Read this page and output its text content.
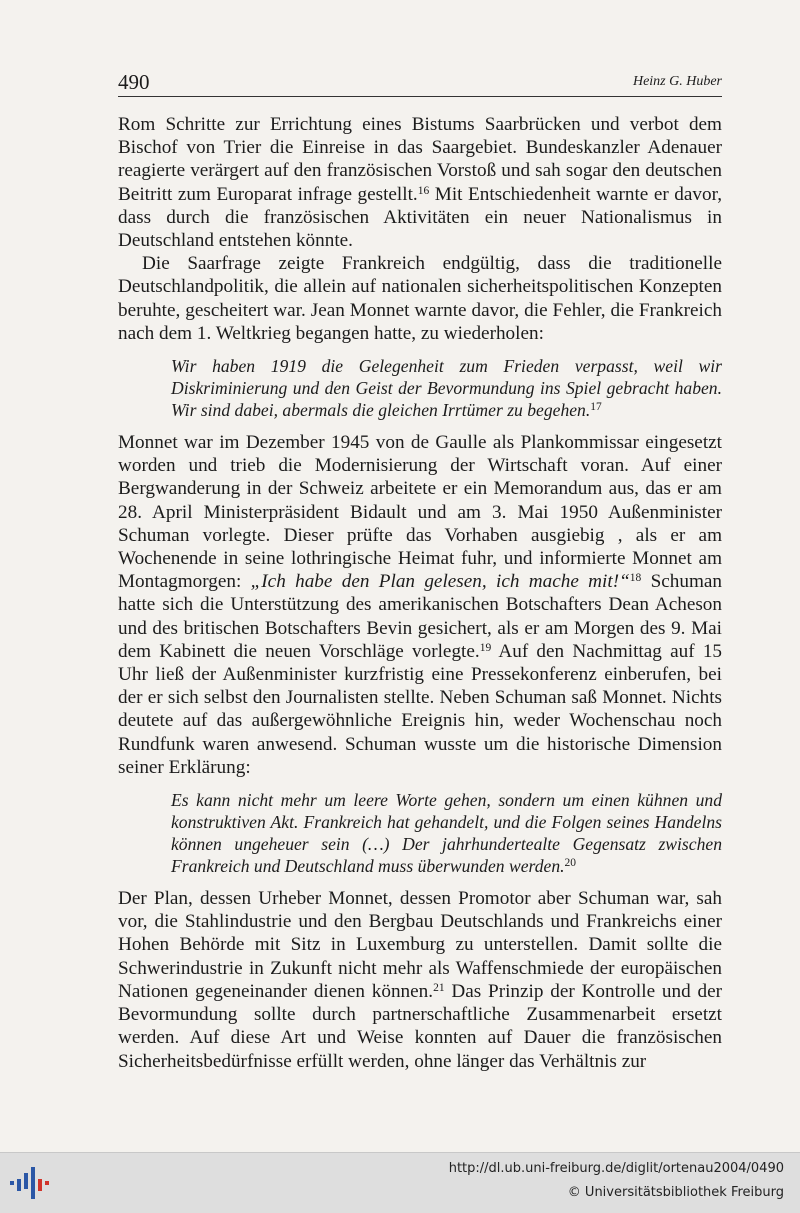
490	Heinz G. Huber

Rom Schritte zur Errichtung eines Bistums Saarbrücken und verbot dem Bischof von Trier die Einreise in das Saargebiet. Bundeskanzler Adenauer reagierte verärgert auf den französischen Vorstoß und sah sogar den deutschen Beitritt zum Europarat infrage gestellt.$^{16}$ Mit Entschiedenheit warnte er davor, dass durch die französischen Aktivitäten ein neuer Nationalismus in Deutschland entstehen könnte.

Die Saarfrage zeigte Frankreich endgültig, dass die traditionelle Deutschlandpolitik, die allein auf nationalen sicherheitspolitischen Konzepten beruhte, gescheitert war. Jean Monnet warnte davor, die Fehler, die Frankreich nach dem 1. Weltkrieg begangen hatte, zu wiederholen:

Wir haben 1919 die Gelegenheit zum Frieden verpasst, weil wir Diskriminierung und den Geist der Bevormundung ins Spiel gebracht haben. Wir sind dabei, abermals die gleichen Irrtümer zu begehen.$^{17}$

Monnet war im Dezember 1945 von de Gaulle als Plankommissar eingesetzt worden und trieb die Modernisierung der Wirtschaft voran. Auf einer Bergwanderung in der Schweiz arbeitete er ein Memorandum aus, das er am 28. April Ministerpräsident Bidault und am 3. Mai 1950 Außenminister Schuman vorlegte. Dieser prüfte das Vorhaben ausgiebig , als er am Wochenende in seine lothringische Heimat fuhr, und informierte Monnet am Montagmorgen: „Ich habe den Plan gelesen, ich mache mit!“$^{18}$ Schuman hatte sich die Unterstützung des amerikanischen Botschafters Dean Acheson und des britischen Botschafters Bevin gesichert, als er am Morgen des 9. Mai dem Kabinett die neuen Vorschläge vorlegte.$^{19}$ Auf den Nachmittag auf 15 Uhr ließ der Außenminister kurzfristig eine Pressekonferenz einberufen, bei der er sich selbst den Journalisten stellte. Neben Schuman saß Monnet. Nichts deutete auf das außergewöhnliche Ereignis hin, weder Wochenschau noch Rundfunk waren anwesend. Schuman wusste um die historische Dimension seiner Erklärung:

Es kann nicht mehr um leere Worte gehen, sondern um einen kühnen und konstruktiven Akt. Frankreich hat gehandelt, und die Folgen seines Handelns können ungeheuer sein (…) Der jahrhundertealte Gegensatz zwischen Frankreich und Deutschland muss überwunden werden.$^{20}$

Der Plan, dessen Urheber Monnet, dessen Promotor aber Schuman war, sah vor, die Stahlindustrie und den Bergbau Deutschlands und Frankreichs einer Hohen Behörde mit Sitz in Luxemburg zu unterstellen. Damit sollte die Schwerindustrie in Zukunft nicht mehr als Waffenschmiede der europäischen Nationen gegeneinander dienen können.$^{21}$ Das Prinzip der Kontrolle und der Bevormundung sollte durch partnerschaftliche Zusammenarbeit ersetzt werden. Auf diese Art und Weise konnten auf Dauer die französischen Sicherheitsbedürfnisse erfüllt werden, ohne länger das Verhältnis zur

http://dl.ub.uni-freiburg.de/diglit/ortenau2004/0490
© Universitätsbibliothek Freiburg
